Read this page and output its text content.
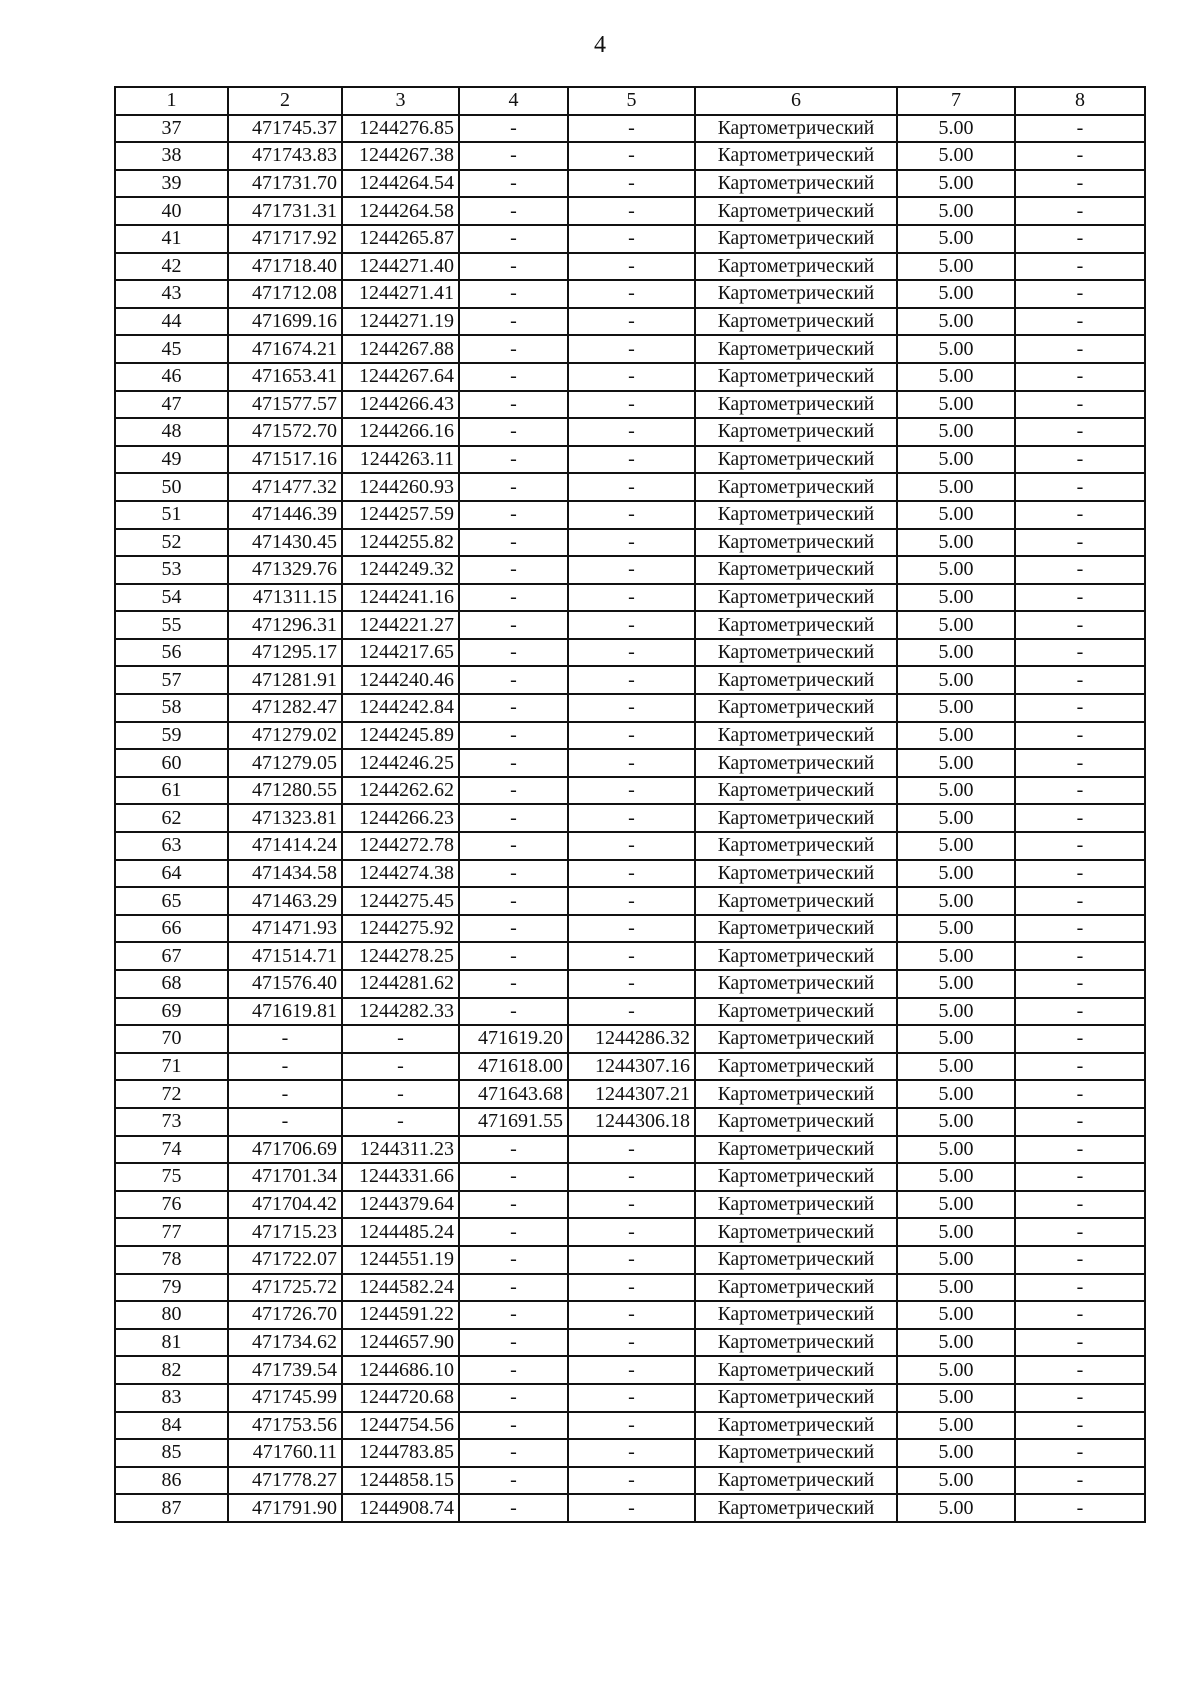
4
1	2	3	4	5	6	7	8
37	471745.37	1244276.85	-	-	Картометрический	5.00	-
38	471743.83	1244267.38	-	-	Картометрический	5.00	-
39	471731.70	1244264.54	-	-	Картометрический	5.00	-
40	471731.31	1244264.58	-	-	Картометрический	5.00	-
41	471717.92	1244265.87	-	-	Картометрический	5.00	-
42	471718.40	1244271.40	-	-	Картометрический	5.00	-
43	471712.08	1244271.41	-	-	Картометрический	5.00	-
44	471699.16	1244271.19	-	-	Картометрический	5.00	-
45	471674.21	1244267.88	-	-	Картометрический	5.00	-
46	471653.41	1244267.64	-	-	Картометрический	5.00	-
47	471577.57	1244266.43	-	-	Картометрический	5.00	-
48	471572.70	1244266.16	-	-	Картометрический	5.00	-
49	471517.16	1244263.11	-	-	Картометрический	5.00	-
50	471477.32	1244260.93	-	-	Картометрический	5.00	-
51	471446.39	1244257.59	-	-	Картометрический	5.00	-
52	471430.45	1244255.82	-	-	Картометрический	5.00	-
53	471329.76	1244249.32	-	-	Картометрический	5.00	-
54	471311.15	1244241.16	-	-	Картометрический	5.00	-
55	471296.31	1244221.27	-	-	Картометрический	5.00	-
56	471295.17	1244217.65	-	-	Картометрический	5.00	-
57	471281.91	1244240.46	-	-	Картометрический	5.00	-
58	471282.47	1244242.84	-	-	Картометрический	5.00	-
59	471279.02	1244245.89	-	-	Картометрический	5.00	-
60	471279.05	1244246.25	-	-	Картометрический	5.00	-
61	471280.55	1244262.62	-	-	Картометрический	5.00	-
62	471323.81	1244266.23	-	-	Картометрический	5.00	-
63	471414.24	1244272.78	-	-	Картометрический	5.00	-
64	471434.58	1244274.38	-	-	Картометрический	5.00	-
65	471463.29	1244275.45	-	-	Картометрический	5.00	-
66	471471.93	1244275.92	-	-	Картометрический	5.00	-
67	471514.71	1244278.25	-	-	Картометрический	5.00	-
68	471576.40	1244281.62	-	-	Картометрический	5.00	-
69	471619.81	1244282.33	-	-	Картометрический	5.00	-
70	-	-	471619.20	1244286.32	Картометрический	5.00	-
71	-	-	471618.00	1244307.16	Картометрический	5.00	-
72	-	-	471643.68	1244307.21	Картометрический	5.00	-
73	-	-	471691.55	1244306.18	Картометрический	5.00	-
74	471706.69	1244311.23	-	-	Картометрический	5.00	-
75	471701.34	1244331.66	-	-	Картометрический	5.00	-
76	471704.42	1244379.64	-	-	Картометрический	5.00	-
77	471715.23	1244485.24	-	-	Картометрический	5.00	-
78	471722.07	1244551.19	-	-	Картометрический	5.00	-
79	471725.72	1244582.24	-	-	Картометрический	5.00	-
80	471726.70	1244591.22	-	-	Картометрический	5.00	-
81	471734.62	1244657.90	-	-	Картометрический	5.00	-
82	471739.54	1244686.10	-	-	Картометрический	5.00	-
83	471745.99	1244720.68	-	-	Картометрический	5.00	-
84	471753.56	1244754.56	-	-	Картометрический	5.00	-
85	471760.11	1244783.85	-	-	Картометрический	5.00	-
86	471778.27	1244858.15	-	-	Картометрический	5.00	-
87	471791.90	1244908.74	-	-	Картометрический	5.00	-
